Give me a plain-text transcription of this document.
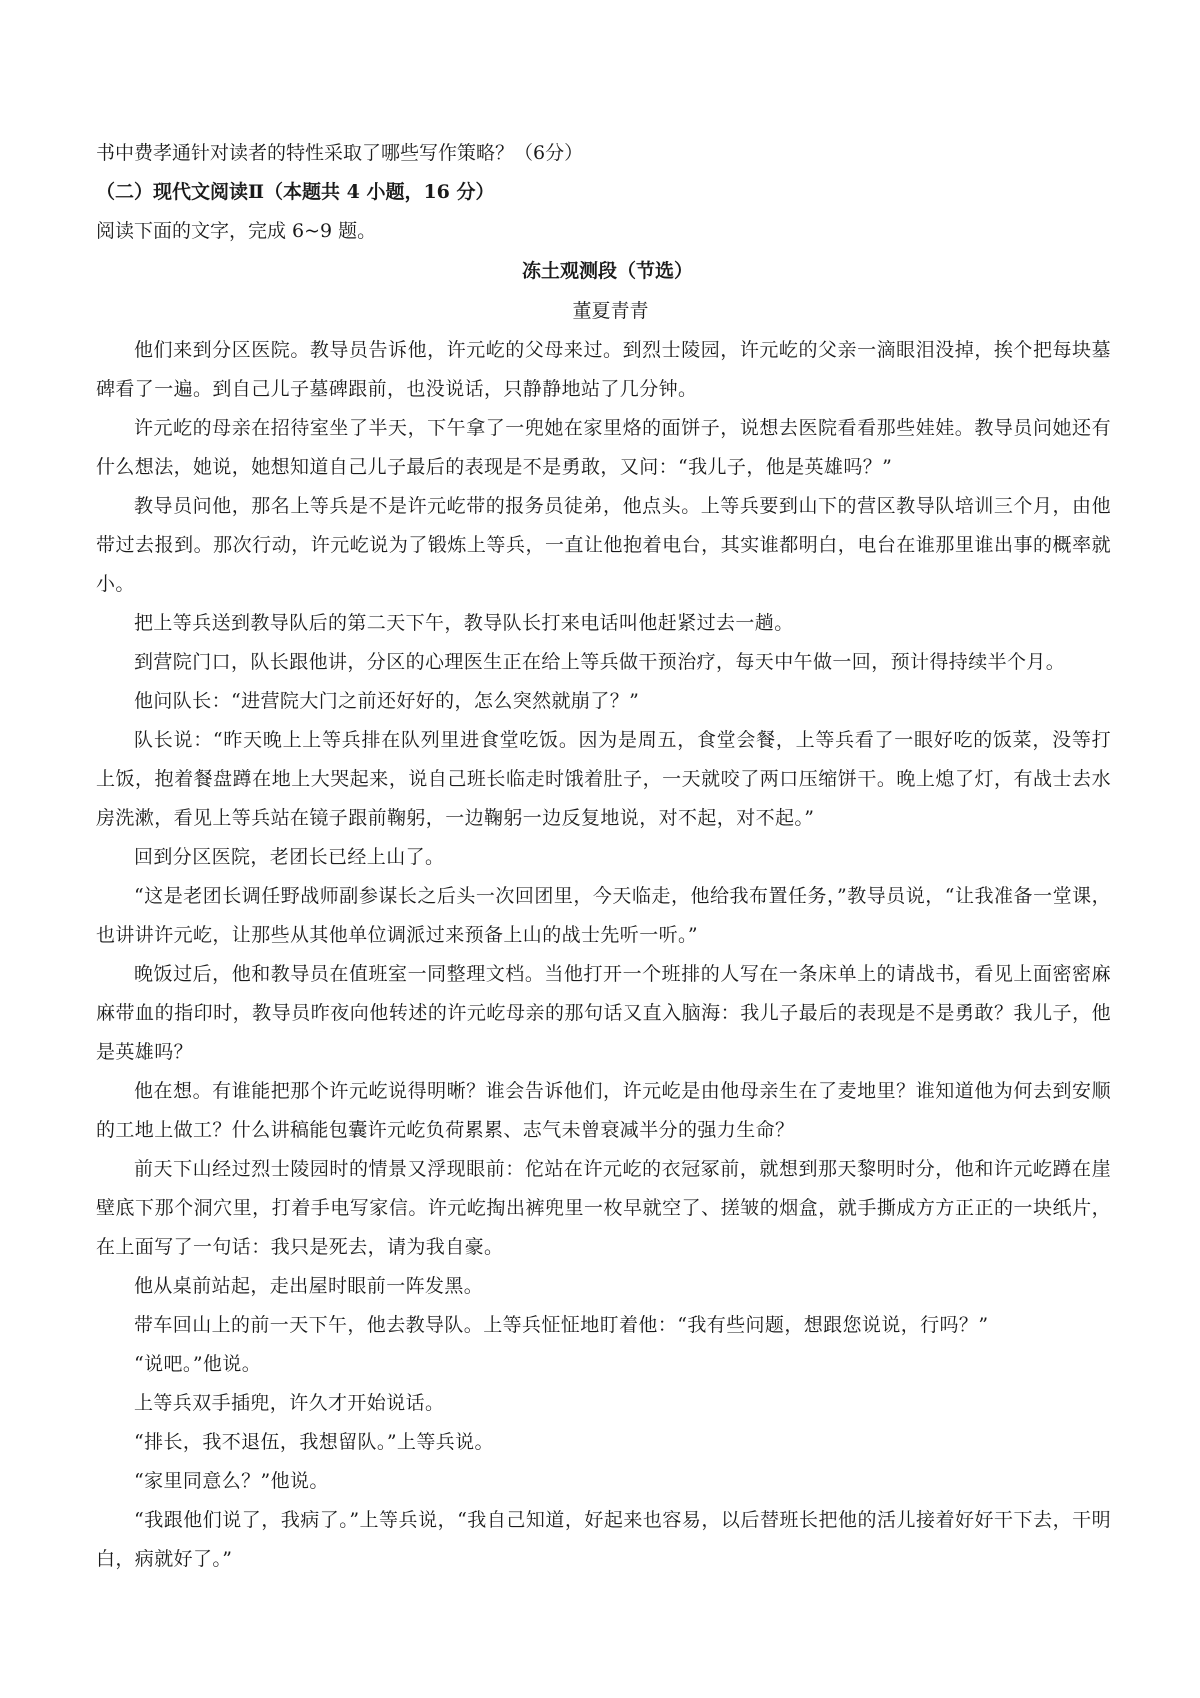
书中费孝通针对读者的特性采取了哪些写作策略？（6分）

（二）现代文阅读Ⅱ（本题共 4 小题，16 分）

阅读下面的文字，完成 6~9 题。

冻土观测段（节选）

董夏青青

他们来到分区医院。教导员告诉他，许元屹的父母来过。到烈士陵园，许元屹的父亲一滴眼泪没掉，挨个把每块墓碑看了一遍。到自己儿子墓碑跟前，也没说话，只静静地站了几分钟。

许元屹的母亲在招待室坐了半天，下午拿了一兜她在家里烙的面饼子，说想去医院看看那些娃娃。教导员问她还有什么想法，她说，她想知道自己儿子最后的表现是不是勇敢，又问：“我儿子，他是英雄吗？”

教导员问他，那名上等兵是不是许元屹带的报务员徒弟，他点头。上等兵要到山下的营区教导队培训三个月，由他带过去报到。那次行动，许元屹说为了锻炼上等兵，一直让他抱着电台，其实谁都明白，电台在谁那里谁出事的概率就小。

把上等兵送到教导队后的第二天下午，教导队长打来电话叫他赶紧过去一趟。

到营院门口，队长跟他讲，分区的心理医生正在给上等兵做干预治疗，每天中午做一回，预计得持续半个月。

他问队长：“进营院大门之前还好好的，怎么突然就崩了？”

队长说：“昨天晚上上等兵排在队列里进食堂吃饭。因为是周五，食堂会餐，上等兵看了一眼好吃的饭菜，没等打上饭，抱着餐盘蹲在地上大哭起来，说自己班长临走时饿着肚子，一天就咬了两口压缩饼干。晚上熄了灯，有战士去水房洗漱，看见上等兵站在镜子跟前鞠躬，一边鞠躬一边反复地说，对不起，对不起。”

回到分区医院，老团长已经上山了。

“这是老团长调任野战师副参谋长之后头一次回团里，今天临走，他给我布置任务，”教导员说，“让我准备一堂课，也讲讲许元屹，让那些从其他单位调派过来预备上山的战士先听一听。”

晚饭过后，他和教导员在值班室一同整理文档。当他打开一个班排的人写在一条床单上的请战书，看见上面密密麻麻带血的指印时，教导员昨夜向他转述的许元屹母亲的那句话又直入脑海：我儿子最后的表现是不是勇敢？我儿子，他是英雄吗？

他在想。有谁能把那个许元屹说得明晰？谁会告诉他们，许元屹是由他母亲生在了麦地里？谁知道他为何去到安顺的工地上做工？什么讲稿能包囊许元屹负荷累累、志气未曾衰减半分的强力生命？

前天下山经过烈士陵园时的情景又浮现眼前：佗站在许元屹的衣冠冢前，就想到那天黎明时分，他和许元屹蹲在崖壁底下那个洞穴里，打着手电写家信。许元屹掏出裤兜里一枚早就空了、搓皱的烟盒，就手撕成方方正正的一块纸片，在上面写了一句话：我只是死去，请为我自豪。

他从桌前站起，走出屋时眼前一阵发黑。

带车回山上的前一天下午，他去教导队。上等兵怔怔地盯着他：“我有些问题，想跟您说说，行吗？”

“说吧。”他说。

上等兵双手插兜，许久才开始说话。

“排长，我不退伍，我想留队。”上等兵说。

“家里同意么？”他说。

“我跟他们说了，我病了。”上等兵说，“我自己知道，好起来也容易，以后替班长把他的活儿接着好好干下去，干明白，病就好了。”
